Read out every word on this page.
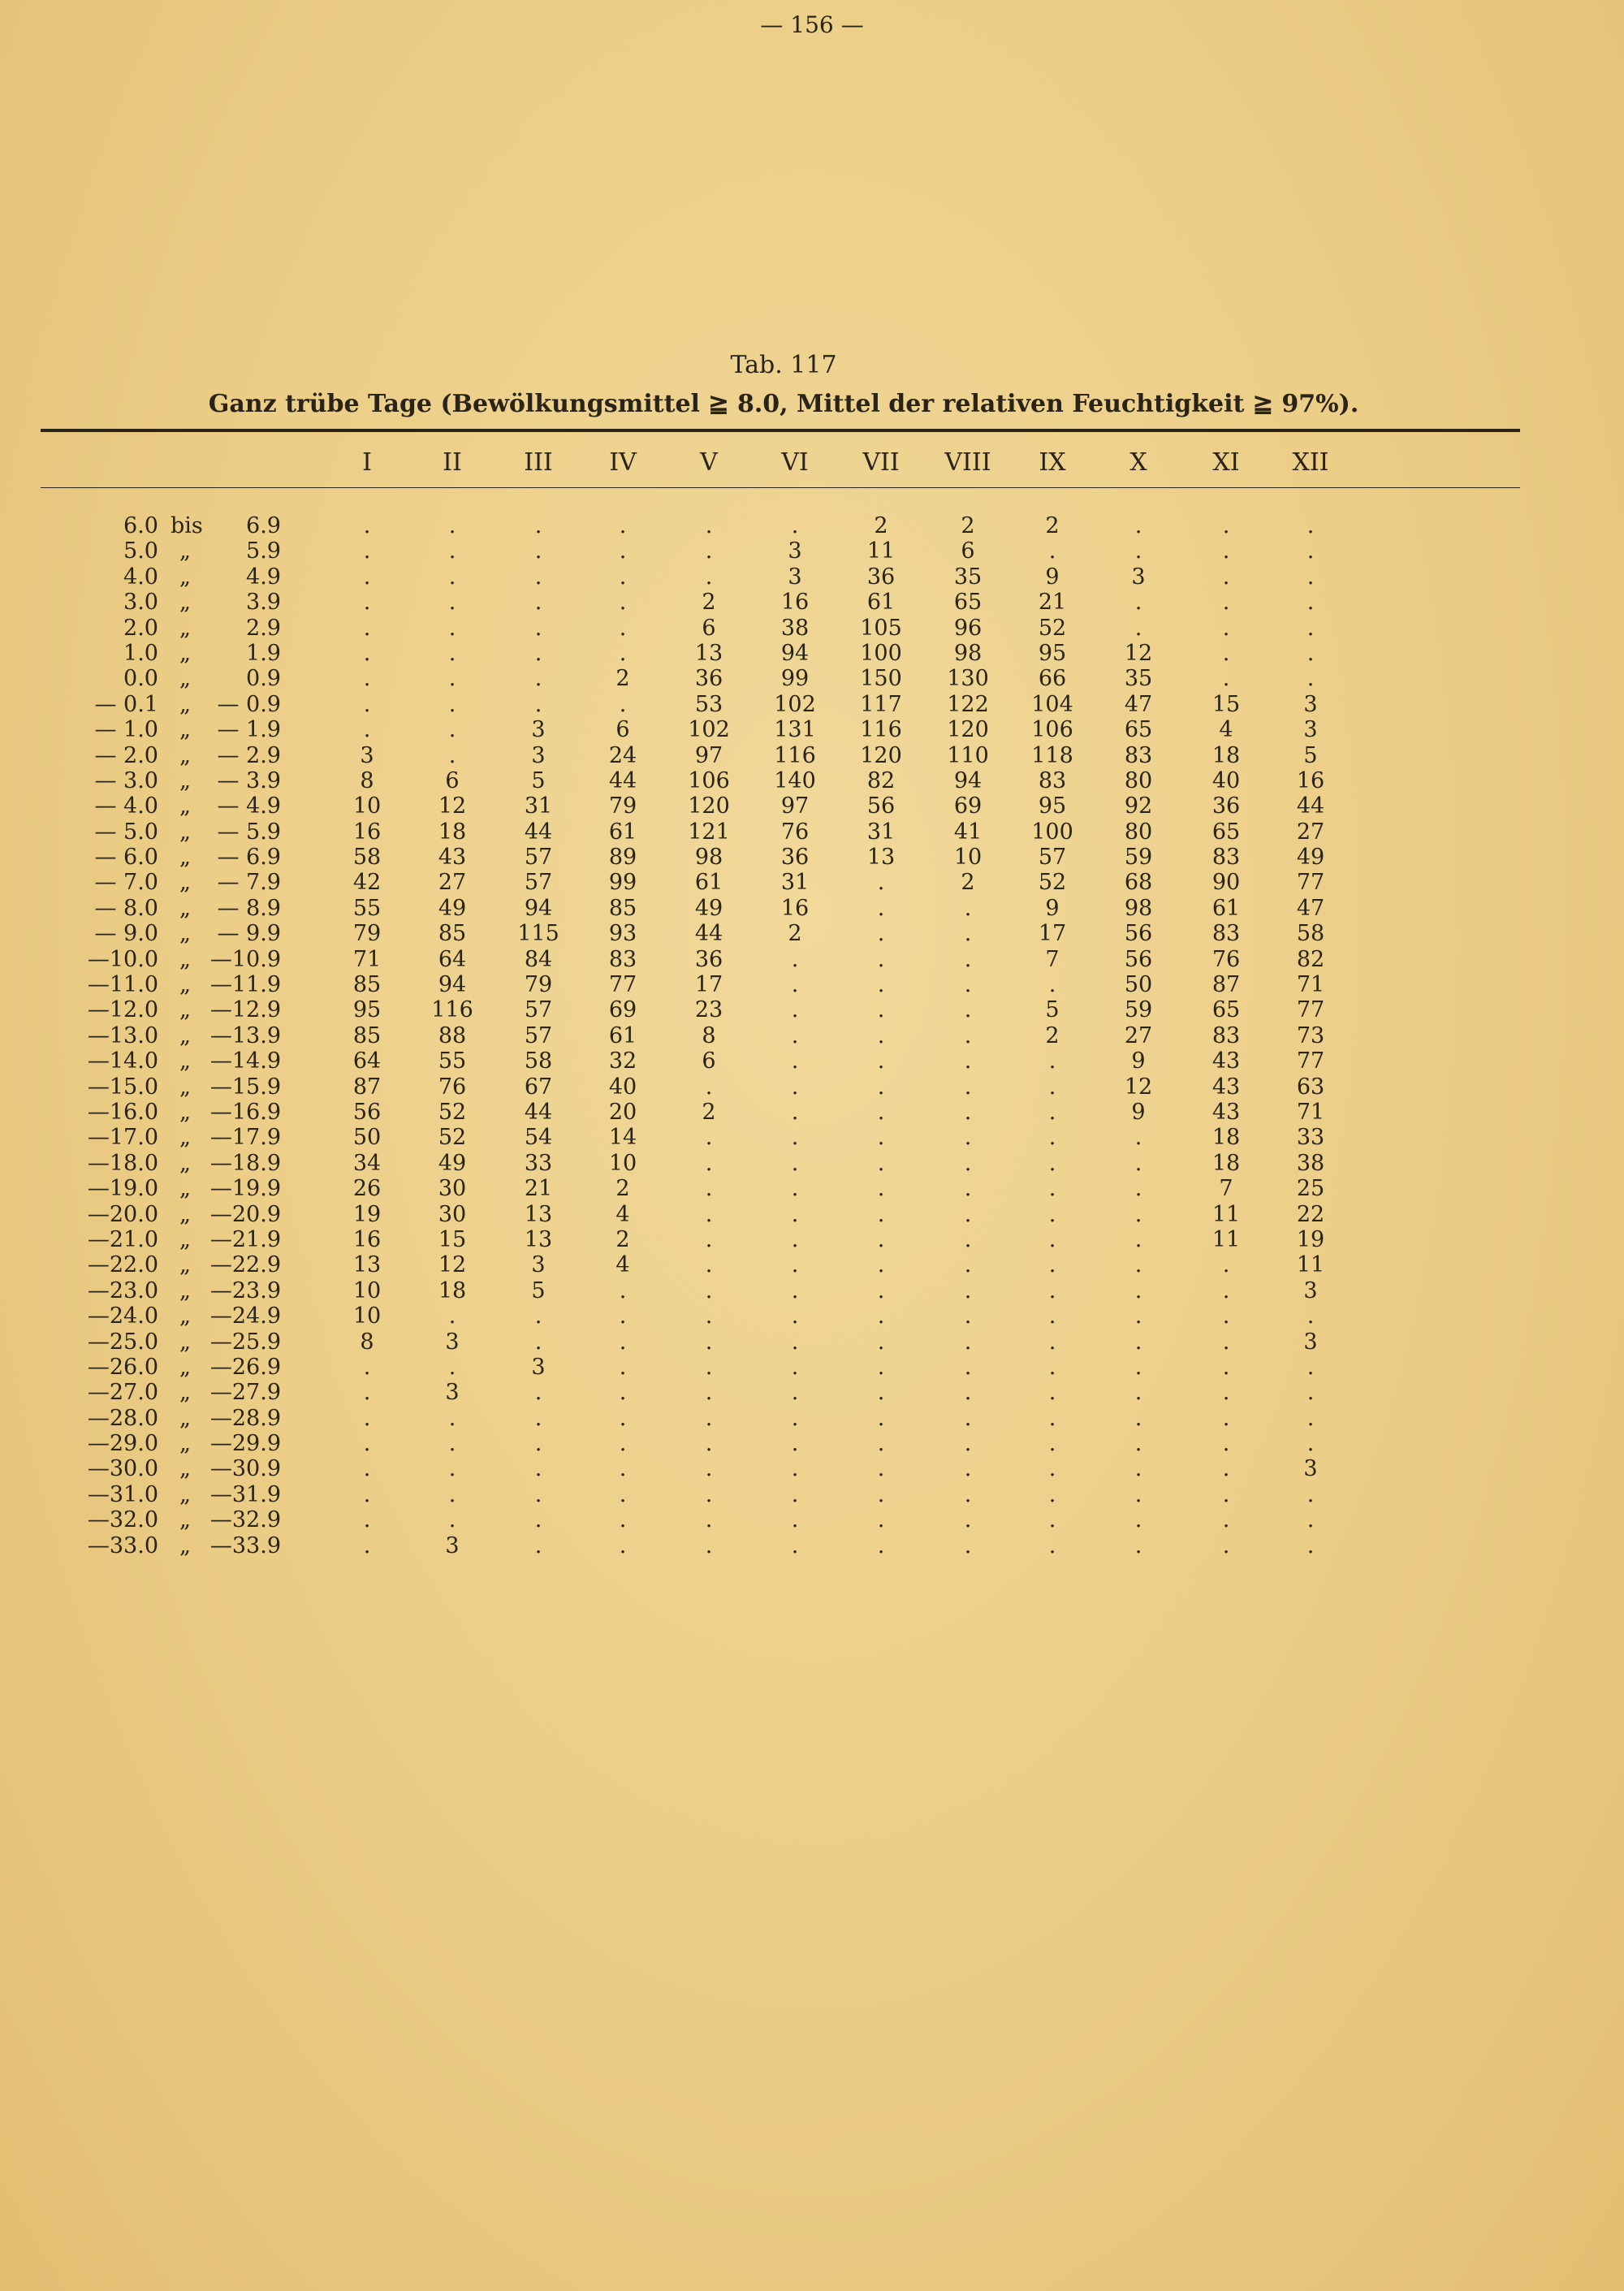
— 156 —
Tab. 117
Ganz trübe Tage (Bewölkungsmittel ≧ 8.0, Mittel der relativen Feuchtigkeit ≧ 97%).
I	II	III	IV	V	VI	VII	VIII	IX	X	XI	XII
6.0 bis 6.9	.	.	.	.	.	.	2	2	2	.	.	.
5.0 „	5.9	.	.	.	.	.	3	11	6	.	.	.	.
4.0 „	4.9	.	.	.	.	.	3	36	35	9	3	.	.
3.0 „	3.9	.	.	.	.	2	16	61	65	21	.	.	.
2.0 „	2.9	.	.	.	.	6	38	105	96	52	.	.	.
1.0 „	1.9	.	.	.	.	13	94	100	98	95	12	.	.
0.0 „	0.9	.	.	.	2	36	99	150	130	66	35	.	.
— 0.1 „	— 0.9	.	.	.	.	53	102	117	122	104	47	15	3
— 1.0 „	— 1.9	.	.	3	6	102	131	116	120	106	65	4	3
— 2.0 „	— 2.9	3	.	3	24	97	116	120	110	118	83	18	5
— 3.0 „	— 3.9	8	6	5	44	106	140	82	94	83	80	40	16
— 4.0 „	— 4.9	10	12	31	79	120	97	56	69	95	92	36	44
— 5.0 „	— 5.9	16	18	44	61	121	76	31	41	100	80	65	27
— 6.0 „	— 6.9	58	43	57	89	98	36	13	10	57	59	83	49
— 7.0 „	— 7.9	42	27	57	99	61	31	.	2	52	68	90	77
— 8.0 „	— 8.9	55	49	94	85	49	16	.	.	9	98	61	47
— 9.0 „	— 9.9	79	85	115	93	44	2	.	.	17	56	83	58
—10.0 „ —10.9	71	64	84	83	36	.	.	.	7	56	76	82
—11.0 „ —11.9	85	94	79	77	17	.	.	.	.	50	87	71
—12.0 „ —12.9	95	116	57	69	23	.	.	.	5	59	65	77
—13.0 „ —13.9	85	88	57	61	8	.	.	.	2	27	83	73
—14.0 „ —14.9	64	55	58	32	6	.	.	.	.	9	43	77
—15.0 „ —15.9	87	76	67	40	.	.	.	.	.	12	43	63
—16.0 „ —16.9	56	52	44	20	2	.	.	.	.	9	43	71
—17.0 „ —17.9	50	52	54	14	.	.	.	.	.	.	18	33
—18.0 „ —18.9	34	49	33	10	.	.	.	.	.	.	18	38
—19.0 „ —19.9	26	30	21	2	.	.	.	.	.	.	7	25
—20.0 „ —20.9	19	30	13	4	.	.	.	.	.	.	11	22
—21.0 „ —21.9	16	15	13	2	.	.	.	.	.	.	11	19
—22.0 „ —22.9	13	12	3	4	.	.	.	.	.	.	.	11
—23.0 „ —23.9	10	18	5	.	.	.	.	.	.	.	.	3
—24.0 „ —24.9	10	.	.	.	.	.	.	.	.	.	.	.
—25.0 „ —25.9	8	3	.	.	.	.	.	.	.	.	.	3
—26.0 „ —26.9	.	.	3	.	.	.	.	.	.	.	.	.
—27.0 „ —27.9	.	3	.	.	.	.	.	.	.	.	.	.
—28.0 „ —28.9	.	.	.	.	.	.	.	.	.	.	.	.
—29.0 „ —29.9	.	.	.	.	.	.	.	.	.	.	.	.
—30.0 „ —30.9	.	.	.	.	.	.	.	.	.	.	.	3
—31.0 „ —31.9	.	.	.	.	.	.	.	.	.	.	.	.
—32.0 „ —32.9	.	.	.	.	.	.	.	.	.	.	.	.
—33.0 „ —33.9	.	3	.	.	.	.	.	.	.	.	.	.
